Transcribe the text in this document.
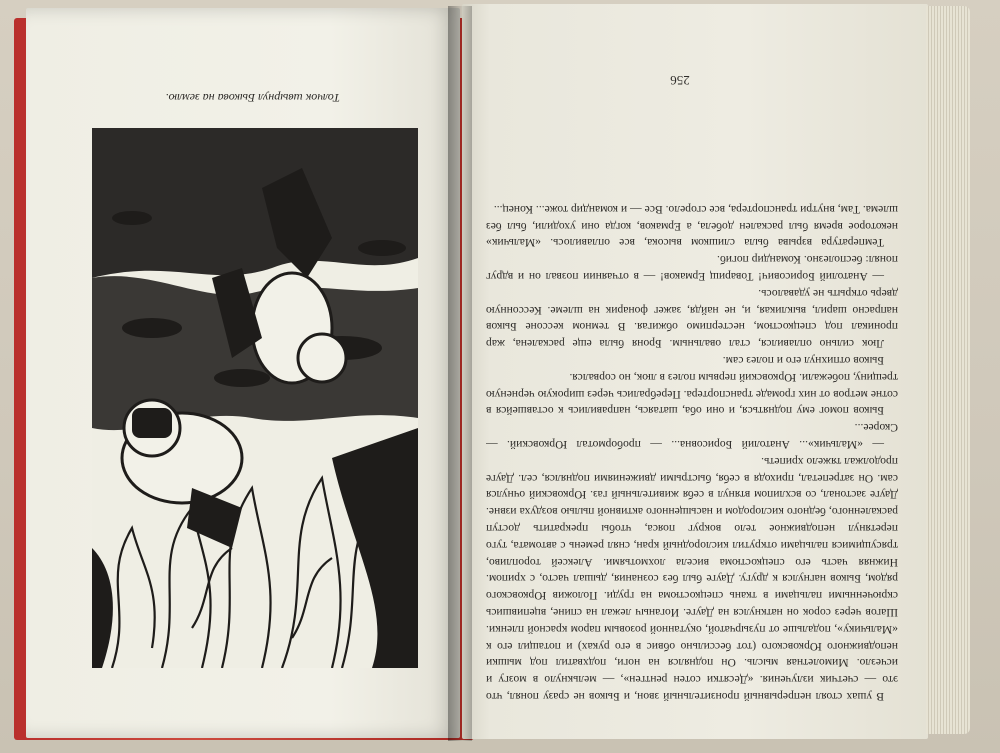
Толчок швырнул Быкова на землю.
256

В ушах стоял непрерывный пронзительный звон, и Быков не сразу понял, что это — счетчик излучения. «Десятки сотен рентген», — мелькнуло в мозгу и исчезло. Мимолетная мысль. Он поднялся на ноги, подхватил под мышки неподвижного Юрковского (тот бессильно обвис в его руках) и потащил его к «Мальчику», подальше от пузырчатой, окутанной розовым паром красной пленки. Шагов через сорок он наткнулся на Дауге. Иоганыч лежал на спине, вцепившись скрюченными пальцами в ткань спецкостюма на груди. Положив Юрковского рядом, Быков нагнулся к другу. Дауге был без сознания, дышал часто, с хрипом. Нижняя часть его спецкостюма висела лохмотьями. Алексей торопливо, трясущимися пальцами открутил кислородный кран, снял ремень с автомата, туго перетянул неподвижное тело вокруг пояса, чтобы прекратить доступ раскаленного, бедного кислородом и насыщенного активной пылью воздуха извне. Дауге застонал, со всхлипом втянул в себя живительный газ. Юрковский очнулся сам. Он затрепетал, приходя в себя, быстрыми движениями поднялся, сел. Дауге продолжал тяжело хрипеть.

— «Мальчик»... Анатолий Борисовна... — пробормотал Юрковский. — Скорее...

Быков помог ему подняться, и они оба, шатаясь, направились к оставшейся в сотне метров от них громаде транспортера. Перебрались через широкую черненую трещину, побежали. Юрковский первым полез в люк, но сорвался.

Быков отпихнул его и полез сам.

Люк сильно оплавился, стал овальным. Броня была еще раскалена, жар проникал под спецкостюм, нестерпимо обжигая. В темном кессоне Быков напрасно шарил, выкликая, и, не найдя, зажег фонарик на шлеме. Кессонную дверь открыть не удавалось.

— Анатолий Борисович! Товарищ Ермаков! — в отчаянии позвал он и вдруг понял: бесполезно. Командир погиб.

Температура взрыва была слишком высока, все оплавилось. «Мальчик» некоторое время был раскален добела, а Ермаков, когда они уходили, был без шлема. Там, внутри транспортера, все сгорело. Все — и командир тоже... Конец...
